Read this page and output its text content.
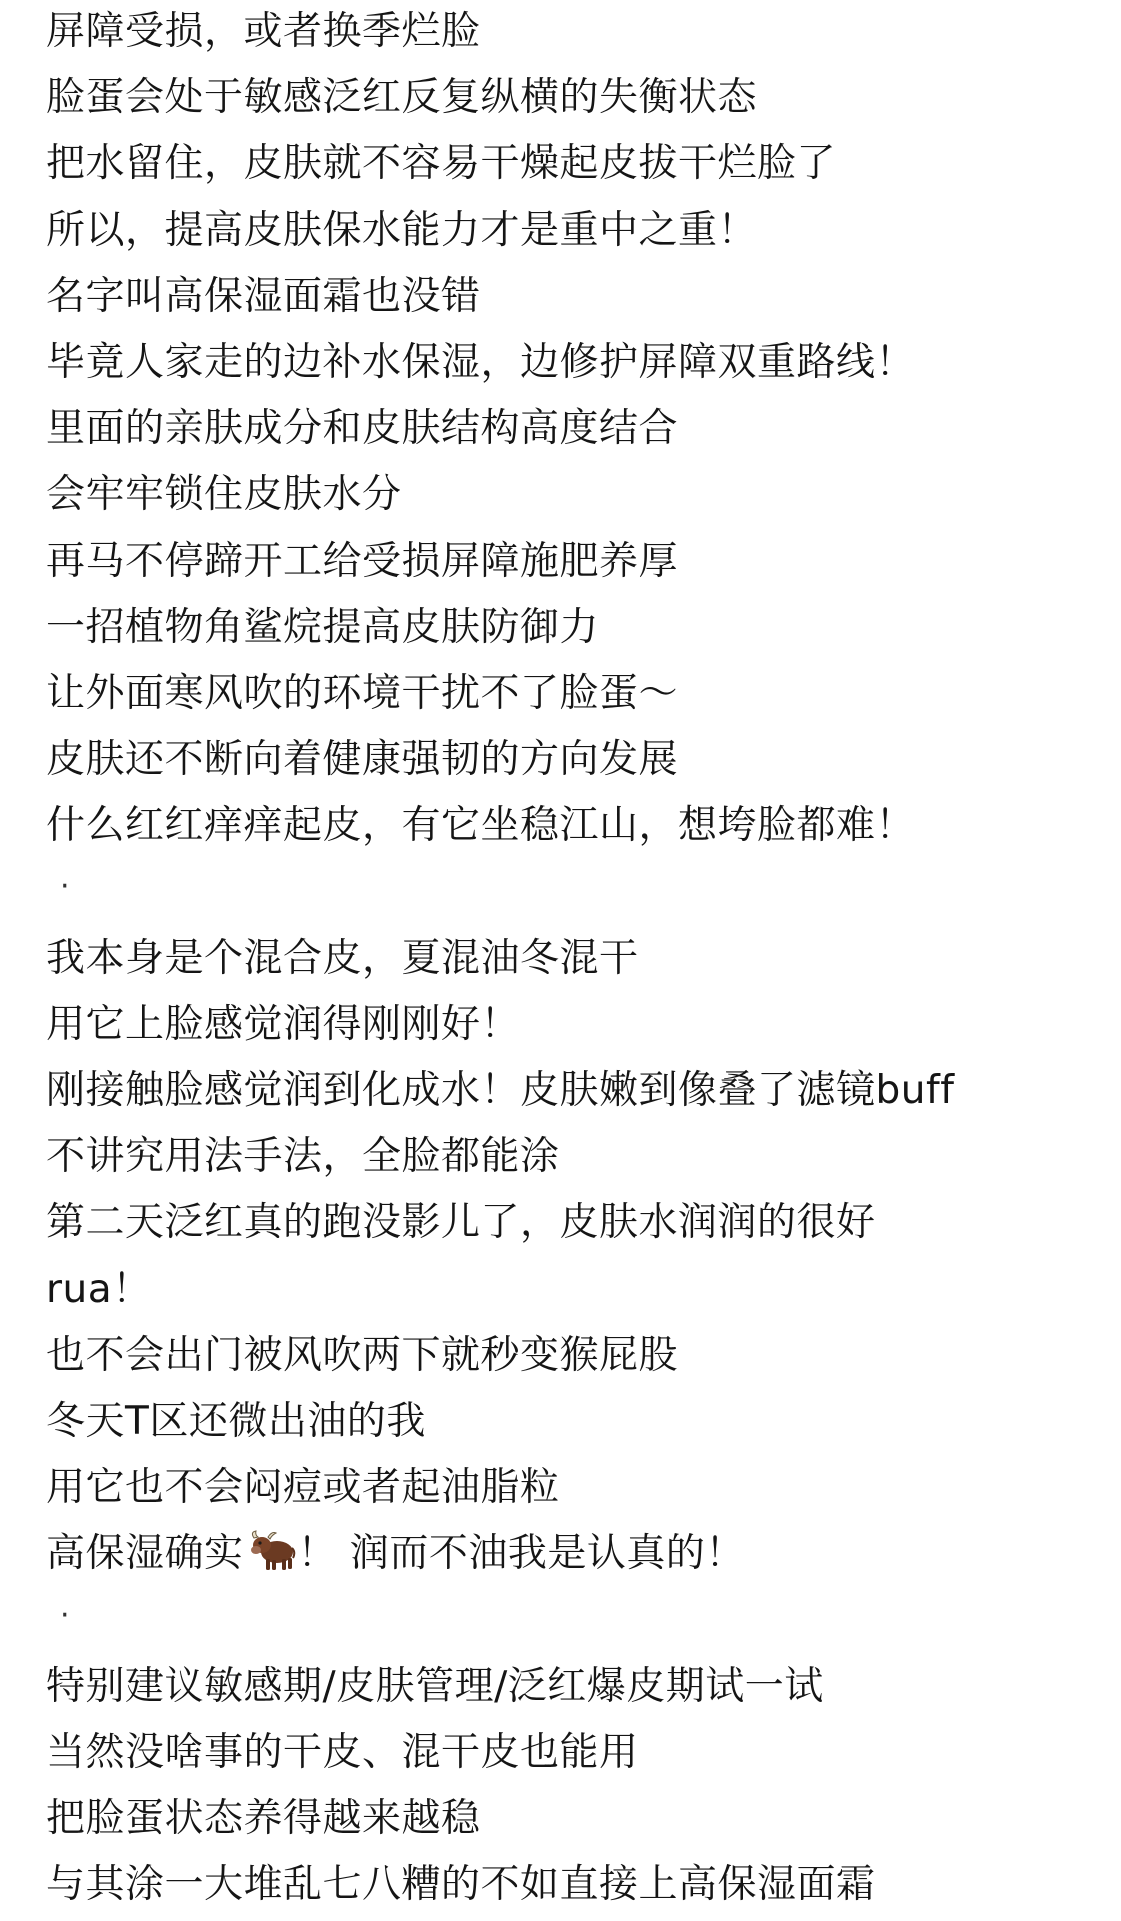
屏障受损，或者换季烂脸
脸蛋会处于敏感泛红反复纵横的失衡状态
把水留住，皮肤就不容易干燥起皮拔干烂脸了
所以，提高皮肤保水能力才是重中之重！
名字叫高保湿面霜也没错
毕竟人家走的边补水保湿，边修护屏障双重路线！
里面的亲肤成分和皮肤结构高度结合
会牢牢锁住皮肤水分
再马不停蹄开工给受损屏障施肥养厚
一招植物角鲨烷提高皮肤防御力
让外面寒风吹的环境干扰不了脸蛋～
皮肤还不断向着健康强韧的方向发展
什么红红痒痒起皮，有它坐稳江山，想垮脸都难！
·
我本身是个混合皮，夏混油冬混干
用它上脸感觉润得刚刚好！
刚接触脸感觉润到化成水！皮肤嫩到像叠了滤镜buff
不讲究用法手法，全脸都能涂
第二天泛红真的跑没影儿了，皮肤水润润的很好
rua！
也不会出门被风吹两下就秒变猴屁股
冬天T区还微出油的我
用它也不会闷痘或者起油脂粒
高保湿确实 ！ 润而不油我是认真的！
·
特别建议敏感期/皮肤管理/泛红爆皮期试一试
当然没啥事的干皮、混干皮也能用
把脸蛋状态养得越来越稳
与其涂一大堆乱七八糟的不如直接上高保湿面霜
